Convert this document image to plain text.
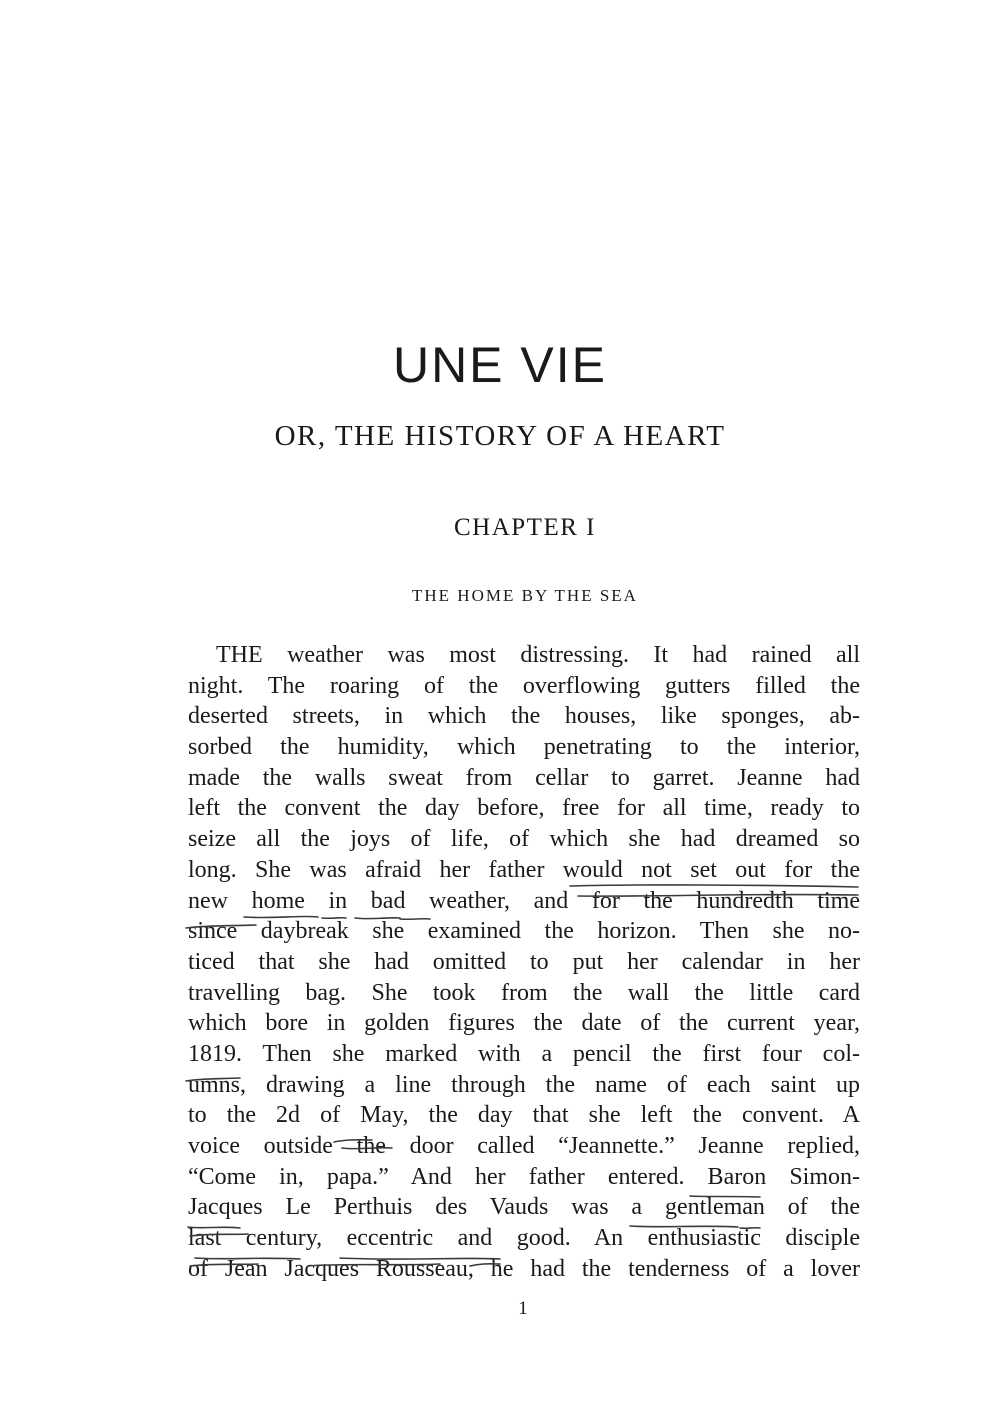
UNE VIE
OR, THE HISTORY OF A HEART
CHAPTER I
THE HOME BY THE SEA
THE weather was most distressing. It had rained all
night. The roaring of the overflowing gutters filled the
deserted streets, in which the houses, like sponges, ab-
sorbed the humidity, which penetrating to the interior,
made the walls sweat from cellar to garret. Jeanne had
left the convent the day before, free for all time, ready to
seize all the joys of life, of which she had dreamed so
long. She was afraid her father would not set out for the
new home in bad weather, and for the hundredth time
since daybreak she examined the horizon. Then she no-
ticed that she had omitted to put her calendar in her
travelling bag. She took from the wall the little card
which bore in golden figures the date of the current year,
1819. Then she marked with a pencil the first four col-
umns, drawing a line through the name of each saint up
to the 2d of May, the day that she left the convent. A
voice outside the door called “Jeannette.” Jeanne replied,
“Come in, papa.” And her father entered. Baron Simon-
Jacques Le Perthuis des Vauds was a gentleman of the
last century, eccentric and good. An enthusiastic disciple
of Jean Jacques Rousseau, he had the tenderness of a lover
1
